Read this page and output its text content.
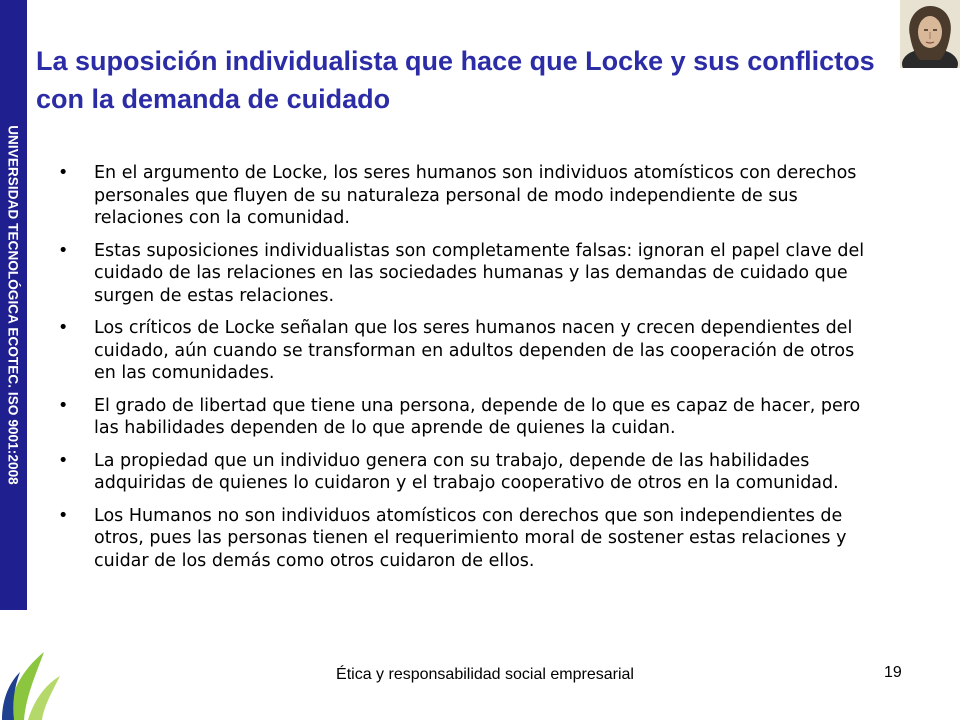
UNIVERSIDAD TECNOLÓGICA ECOTEC. ISO 9001:2008
La suposición individualista que hace que Locke y sus conflictos con la demanda de cuidado
• En el argumento de Locke, los seres humanos son individuos atomísticos con derechos personales que fluyen de su naturaleza personal de modo independiente de sus relaciones con la comunidad.
• Estas suposiciones individualistas son completamente falsas: ignoran el papel clave del cuidado de las relaciones en las sociedades humanas y las demandas de cuidado que surgen de estas relaciones.
• Los críticos de Locke señalan que los seres humanos nacen y crecen dependientes del cuidado, aún cuando se transforman en adultos dependen de las cooperación de otros en las comunidades.
• El grado de libertad que tiene una persona, depende de lo que es capaz de hacer, pero las habilidades dependen de lo que aprende de quienes la cuidan.
• La propiedad que un individuo genera con su trabajo, depende de las habilidades adquiridas de quienes lo cuidaron y el trabajo cooperativo de otros en la comunidad.
• Los Humanos no son individuos atomísticos con derechos que son independientes de otros, pues las personas tienen el requerimiento moral de sostener estas relaciones y cuidar de los demás como otros cuidaron de ellos.
Ética y responsabilidad social empresarial	19
